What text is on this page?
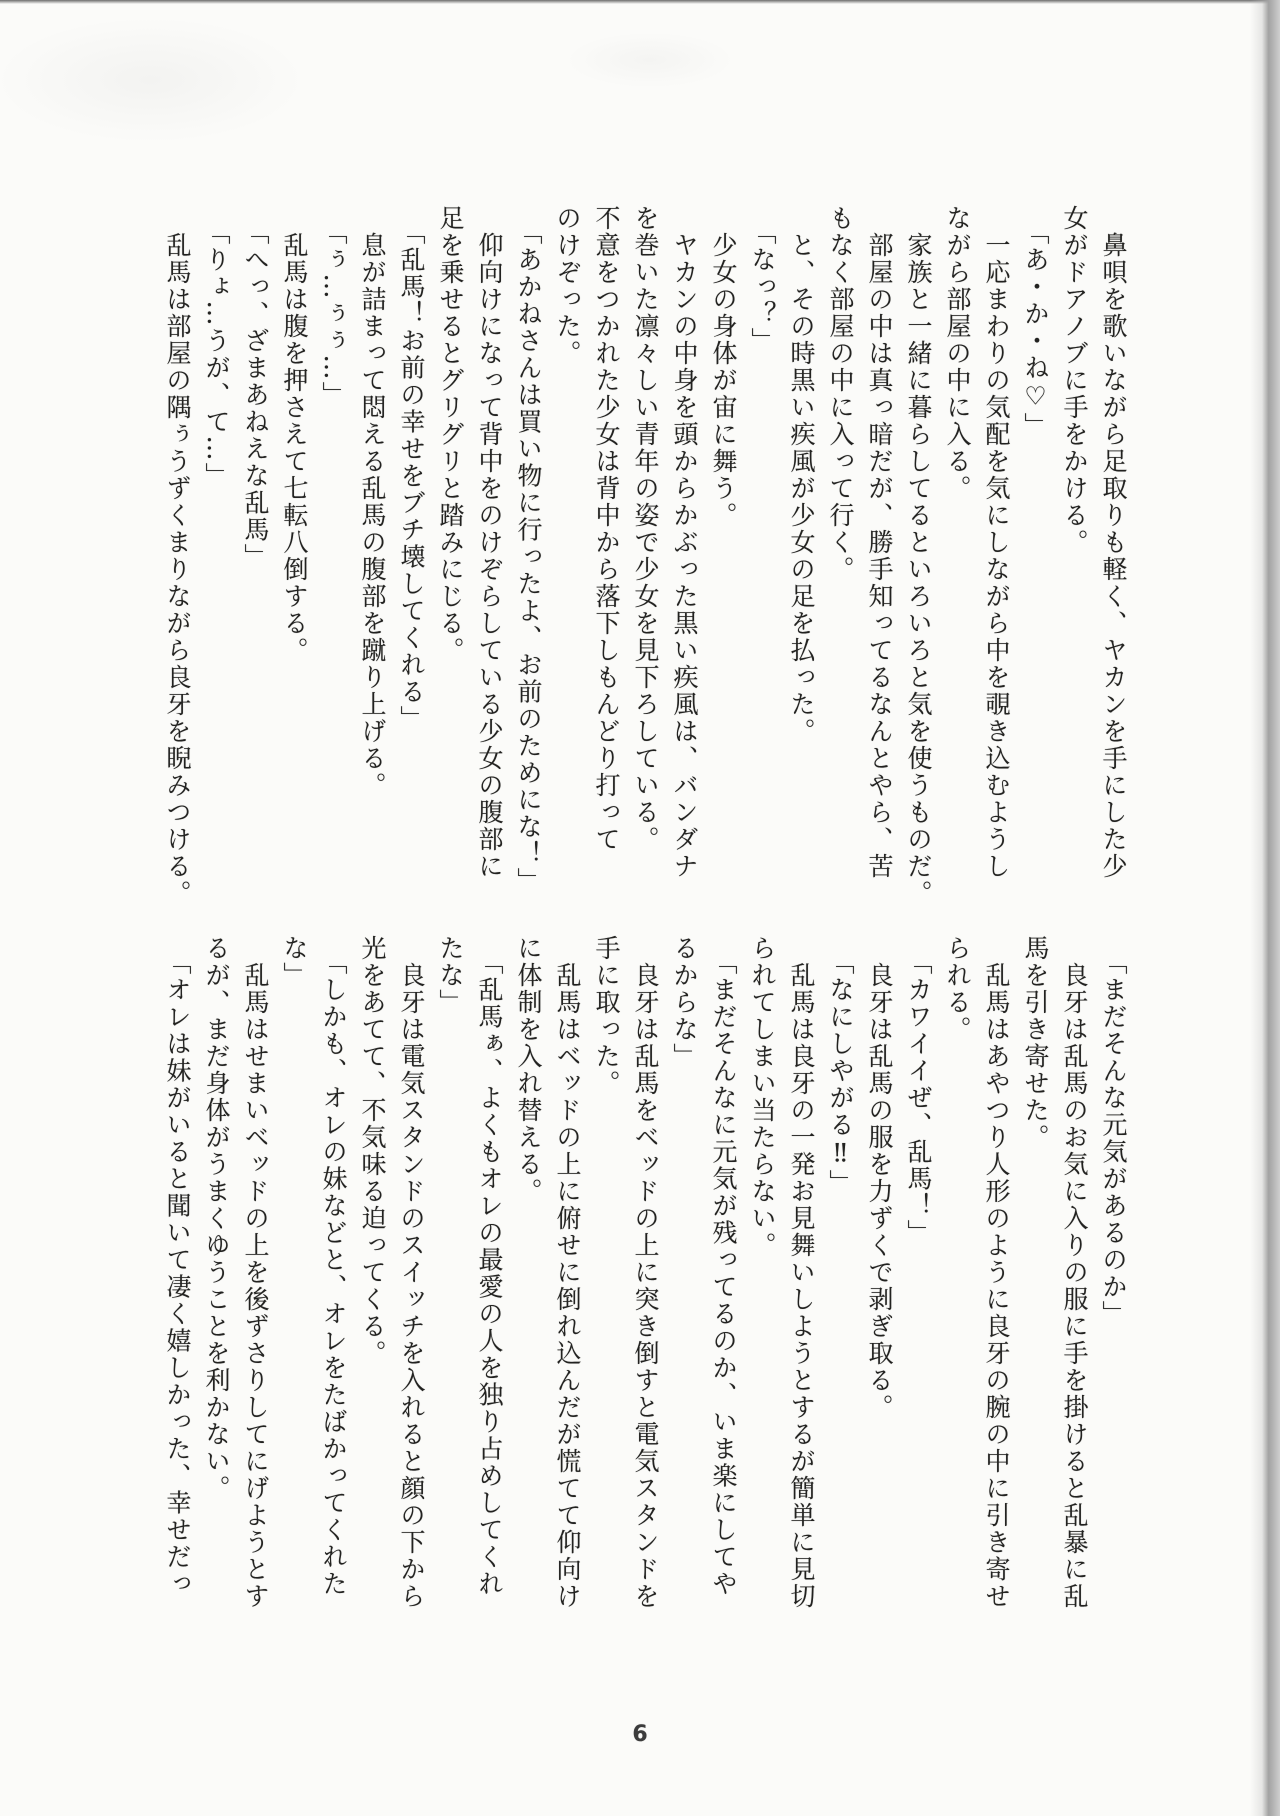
　鼻唄を歌いながら足取りも軽く、ヤカンを手にした少

女がドアノブに手をかける。

　「あ・か・ね♡」

　一応まわりの気配を気にしながら中を覗き込むようし

ながら部屋の中に入る。

　家族と一緒に暮らしてるといろいろと気を使うものだ。

　部屋の中は真っ暗だが、勝手知ってるなんとやら、苦

もなく部屋の中に入って行く。

　と、その時黒い疾風が少女の足を払った。

　「なっ？」

　少女の身体が宙に舞う。

　ヤカンの中身を頭からかぶった黒い疾風は、バンダナ

を巻いた凛々しい青年の姿で少女を見下ろしている。

不意をつかれた少女は背中から落下しもんどり打って

のけぞった。

　「あかねさんは買い物に行ったよ、お前のためにな！」

　仰向けになって背中をのけぞらしている少女の腹部に

足を乗せるとグリグリと踏みにじる。

　「乱馬！お前の幸せをブチ壊してくれる」

　息が詰まって悶える乱馬の腹部を蹴り上げる。

　「ぅ…ぅぅ…」

　乱馬は腹を押さえて七転八倒する。

　「へっ、ざまあねえな乱馬」

　「りょ…うが、て…」

　乱馬は部屋の隅ぅうずくまりながら良牙を睨みつける。

　「まだそんな元気があるのか」

　良牙は乱馬のお気に入りの服に手を掛けると乱暴に乱

馬を引き寄せた。

　乱馬はあやつり人形のように良牙の腕の中に引き寄せ

られる。

　「カワイイぜ、乱馬！」

　良牙は乱馬の服を力ずくで剥ぎ取る。

　「なにしやがる‼」

　乱馬は良牙の一発お見舞いしようとするが簡単に見切

られてしまい当たらない。

　「まだそんなに元気が残ってるのか、いま楽にしてや

るからな」

　良牙は乱馬をベッドの上に突き倒すと電気スタンドを

手に取った。

　乱馬はベッドの上に俯せに倒れ込んだが慌てて仰向け

に体制を入れ替える。

　「乱馬ぁ、よくもオレの最愛の人を独り占めしてくれ

たな」

　良牙は電気スタンドのスイッチを入れると顔の下から

光をあてて、不気味る迫ってくる。

　「しかも、オレの妹などと、オレをたばかってくれた

な」

　乱馬はせまいベッドの上を後ずさりしてにげようとす

るが、まだ身体がうまくゆうことを利かない。

　「オレは妹がいると聞いて凄く嬉しかった、幸せだっ

6
